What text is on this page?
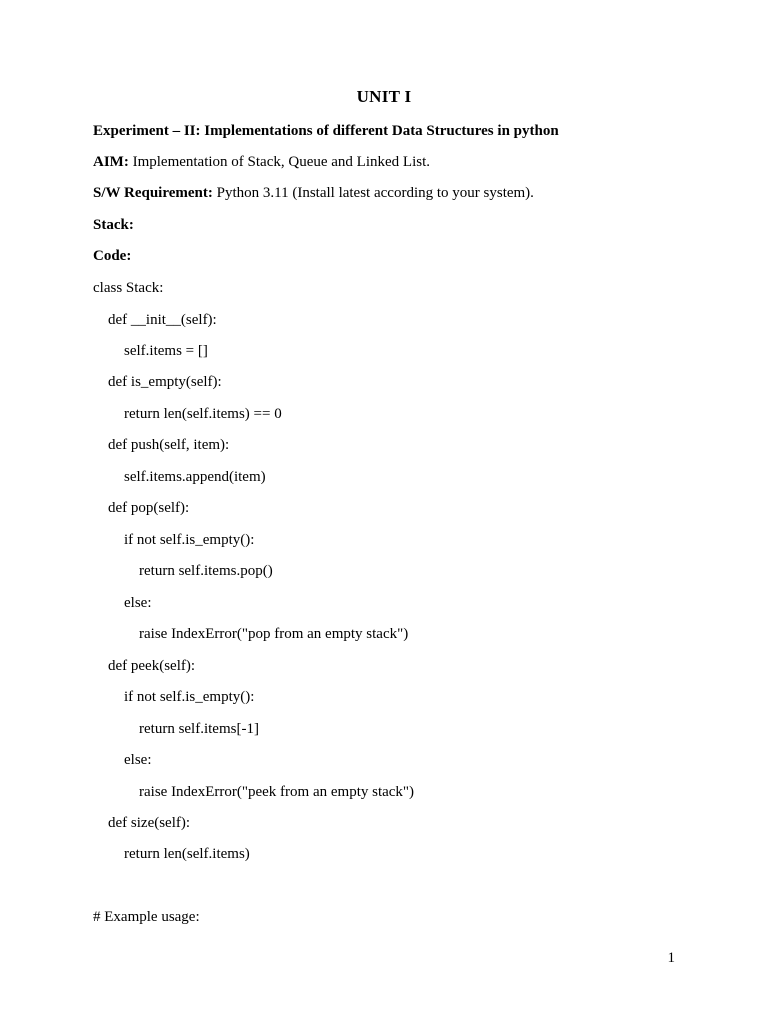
UNIT I
Experiment – II: Implementations of different Data Structures in python
AIM: Implementation of Stack, Queue and Linked List.
S/W Requirement: Python 3.11 (Install latest according to your system).
Stack:
Code:
class Stack:
def __init__(self):
self.items = []
def is_empty(self):
return len(self.items) == 0
def push(self, item):
self.items.append(item)
def pop(self):
if not self.is_empty():
return self.items.pop()
else:
raise IndexError("pop from an empty stack")
def peek(self):
if not self.is_empty():
return self.items[-1]
else:
raise IndexError("peek from an empty stack")
def size(self):
return len(self.items)
# Example usage:
1
